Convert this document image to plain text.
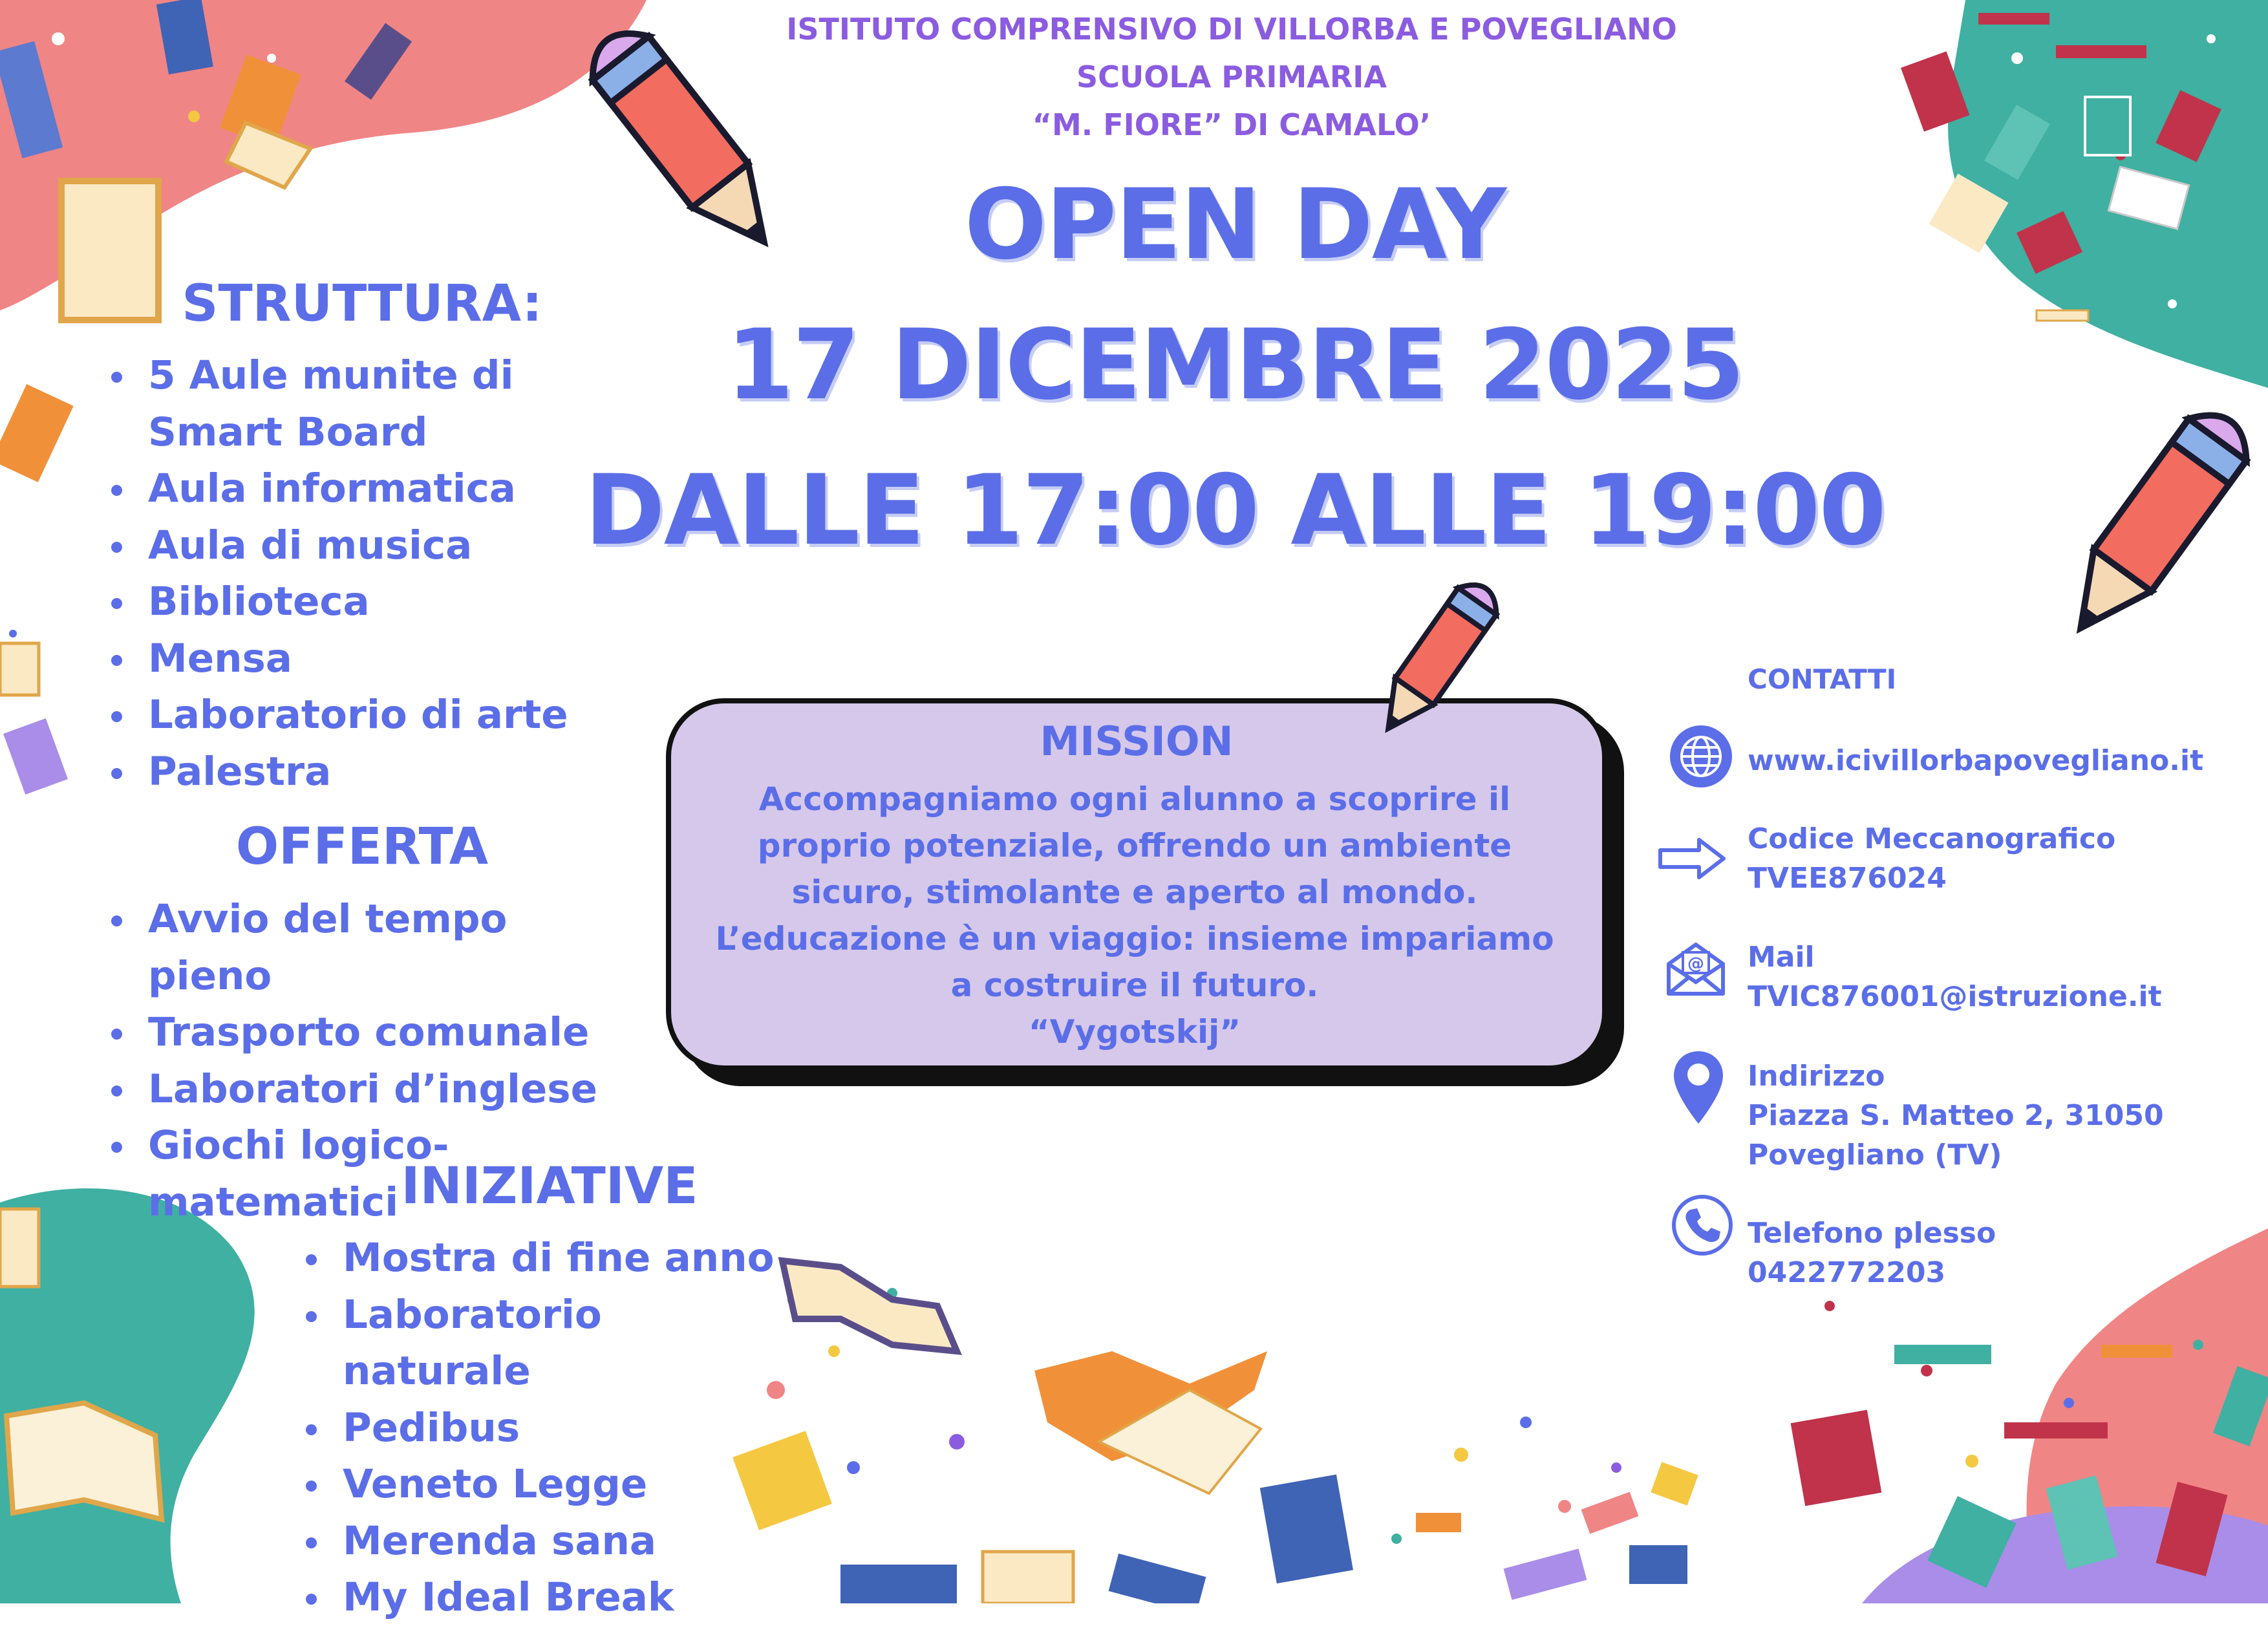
ISTITUTO COMPRENSIVO DI VILLORBA E POVEGLIANO
SCUOLA PRIMARIA
“M. FIORE” DI CAMALO’
OPEN DAY
17 DICEMBRE 2025
DALLE 17:00 ALLE 19:00
STRUTTURA:
5 Aule munite di Smart Board
Aula informatica
Aula di musica
Biblioteca
Mensa
Laboratorio di arte
Palestra
OFFERTA
Avvio del tempo pieno
Trasporto comunale
Laboratori d’inglese
Giochi logico-matematici INIZIATIVE
Mostra di fine anno
Laboratorio naturale
Pedibus
Veneto Legge
Merenda sana
My Ideal Break
MISSION
Accompagniamo ogni alunno a scoprire il
proprio potenziale, offrendo un ambiente
sicuro, stimolante e aperto al mondo.
L’educazione è un viaggio: insieme impariamo
a costruire il futuro.
“Vygotskij”
CONTATTI
www.icivillorbapovegliano.it
Codice Meccanografico
TVEE876024
@ Mail
TVIC876001@istruzione.it
Indirizzo
Piazza S. Matteo 2, 31050
Povegliano (TV)
Telefono plesso
0422772203
